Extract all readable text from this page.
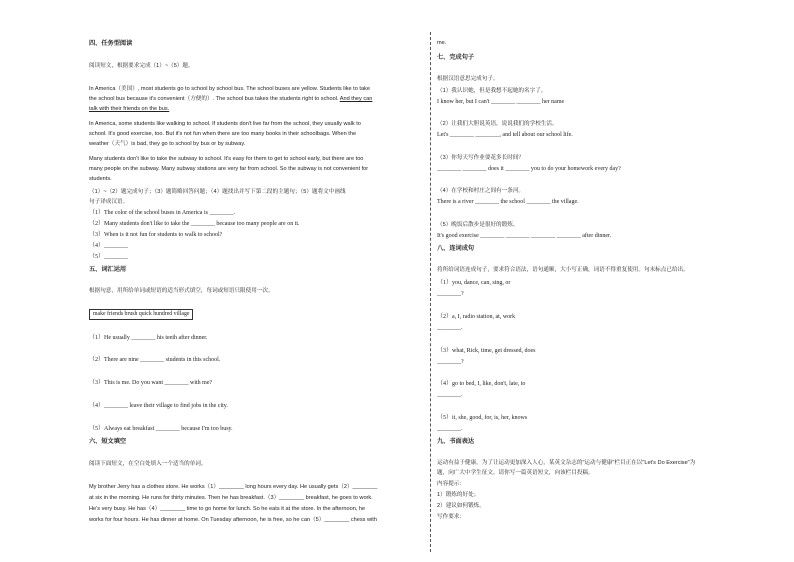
四、任务型阅读
阅读短文，根据要求完成（1）~（5）题。
In America（美国）, most students go to school by school bus. The school buses are yellow. Students like to take
the school bus because it's convenient（方便的）. The school bus takes the students right to school. And they can
talk with their friends on the bus.
In America, some students like walking to school. If students don't live far from the school, they usually walk to
school. It's good exercise, too. But it's not fun when there are too many books in their schoolbags. When the
weather（天气）is bad, they go to school by bus or by subway.
Many students don't like to take the subway to school. It's easy for them to get to school early, but there are too
many people on the subway. Many subway stations are very far from school. So the subway is not convenient for
students.
（1）~（2）题完成句子；（3）题简略回答问题；（4）题找出并写下第二段的主题句；（5）题将文中画线
句子译成汉语。
（1）The color of the school buses in America is ________.
（2）Many students don't like to take the ________ because too many people are on it.
（3）When is it not fun for students to walk to school?
（4）________
（5）________
五、词汇运用
根据句意，用所给单词或短语的适当形式填空，每词或短语只限使用一次。
make friends brush quick hundred village
（1）He usually ________ his teeth after dinner.
（2）There are nine ________ students in this school.
（3）This is me. Do you want ________ with me?
（4）________ leave their village to find jobs in the city.
（5）Always eat breakfast ________ because I'm too busy.
六、短文填空
阅读下面短文，在空白处填入一个适当的单词。
My brother Jerry has a clothes store. He works（1）________ long hours every day. He usually gets（2）________
at six in the morning. He runs for thirty minutes. Then he has breakfast.（3）________ breakfast, he goes to work.
He's very busy. He has（4）________ time to go home for lunch. So he eats it at the store. In the afternoon, he
works for four hours. He has dinner at home. On Tuesday afternoon, he is free, so he can（5）________ chess with
me.
七、完成句子
根据汉语意思完成句子。
（1）我认识她，但是我想不起她的名字了。
I know her, but I can't ________ ________ her name
（2）让我们大胆说英语，说说我们的学校生活。
Let's ________ ________, and tell about our school life.
（3）你每天写作业要花多长时间？
________ ________ does it ________ you to do your homework every day?
（4）在学校和村庄之间有一条河。
There is a river ________ the school ________ the village.
（5）晚饭后散步是很好的锻炼。
It's good exercise ________ ________ ________ ________ after dinner.
八、连词成句
将所给词语连成句子，要求符合语法，语句通顺，大小写正确，词语不得重复使用。句末标点已给出。
（1）you, dance, can, sing, or
________?
（2）a, I, radio station, at, work
________.
（3）what, Rick, time, get dressed, does
________?
（4）go to bed, I, like, don't, late, to
________.
（5）it, she, good, for, is, her, knows
________.
九、书面表达
运动有益于健康。为了让运动更加深入人心，某英文杂志的"运动与健康"栏目正在以"Let's Do Exercise"为
题，向广大中学生征文。请你写一篇英语短文，向该栏目投稿。
内容提示：
1）锻炼的好处；
2）建议如何锻炼。
写作要求：
